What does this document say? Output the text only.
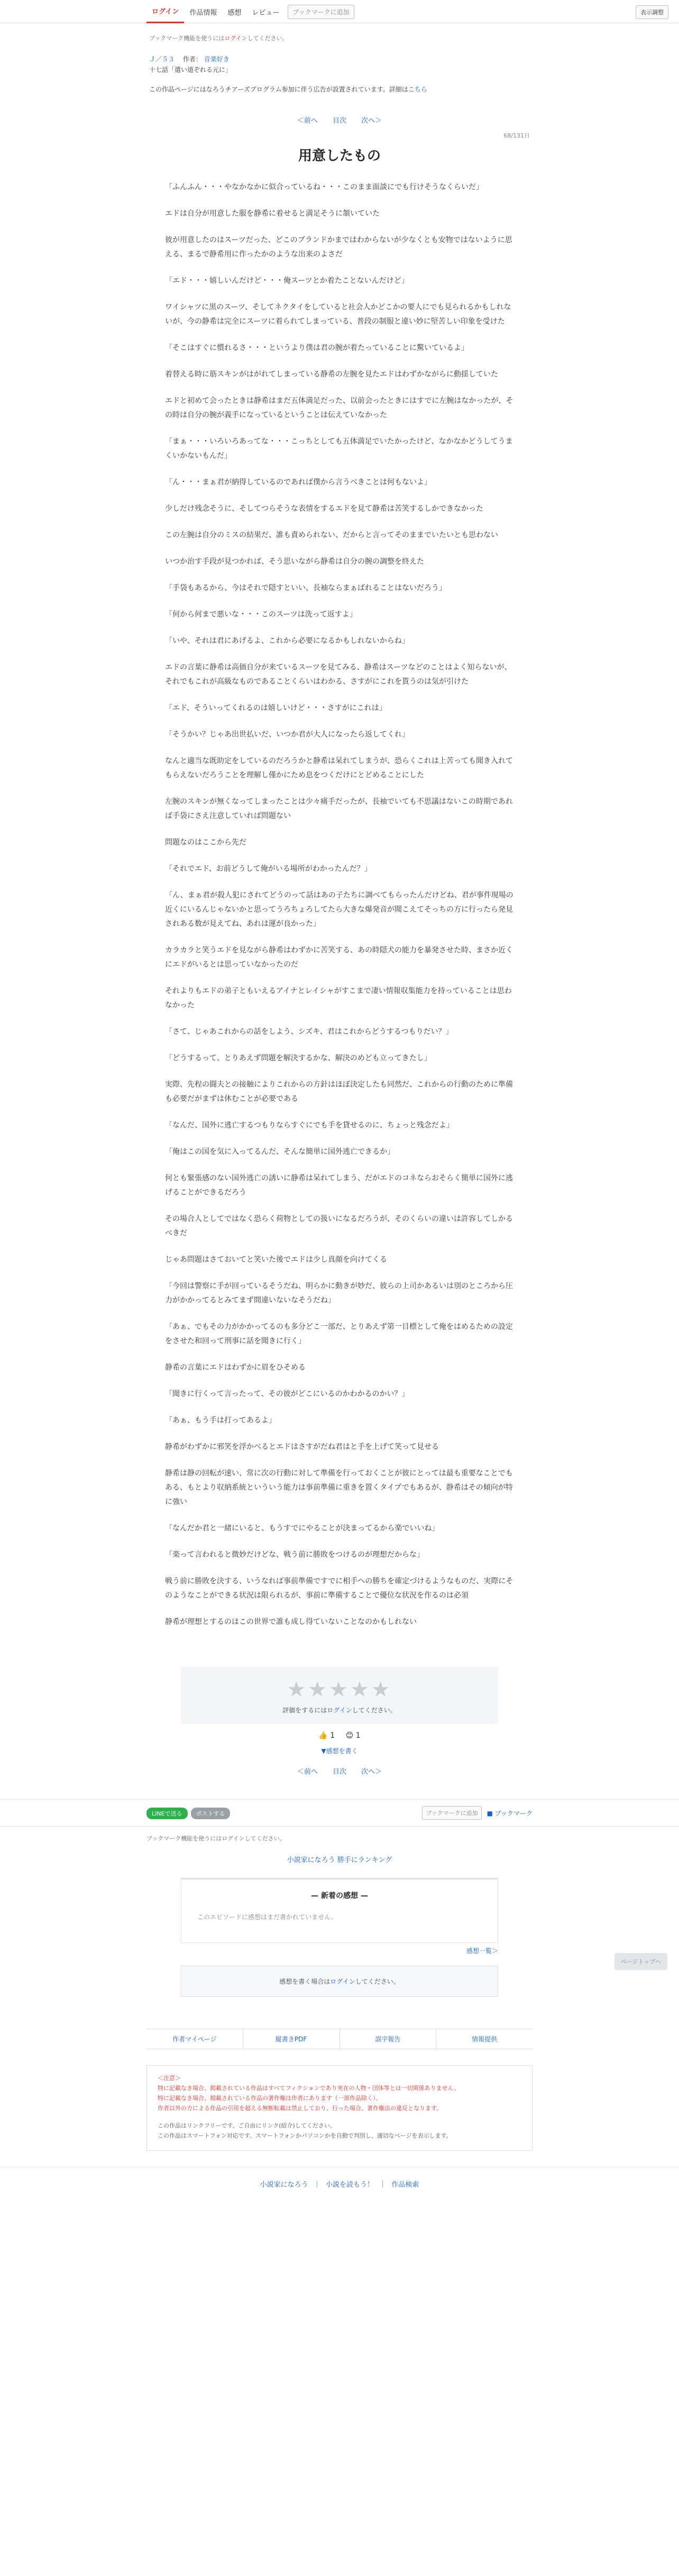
ログイン	作品情報	感想	レビュー	ブックマークに追加	表示調整
ブックマーク機能を使うにはログインしてください。
Ｊ／５３ 作者： 音楽好き
十七話「遣い道ぞれる元に」
この作品ページにはなろうチアーズプログラム参加に伴う広告が設置されています。詳細はこちら
＜前へ 目次 次へ＞
68/131日
用意したもの

「ふんふん・・・やなかなかに似合っているね・・・このまま面談にでも行けそうなくらいだ」

エドは自分が用意した服を静希に着せると満足そうに頷いていた

彼が用意したのはスーツだった、どこのブランドかまではわからないが少なくとも安物ではないように思える、まるで静希用に作ったかのような出来のよさだ

「エド・・・嬉しいんだけど・・・俺スーツとか着たことないんだけど」

ワイシャツに黒のスーツ、そしてネクタイをしていると社会人かどこかの要人にでも見られるかもしれないが、今の静希は完全にスーツに着られてしまっている、普段の制服と違い妙に堅苦しい印象を受けた

「そこはすぐに慣れるさ・・・というより僕は君の腕が着たっていることに驚いているよ」

着替える時に筋スキンがはがれてしまっている静希の左腕を見たエドはわずかながらに動揺していた

エドと初めて会ったときは静希はまだ五体満足だった、以前会ったときにはすでに左腕はなかったが、その時は自分の腕が義手になっているということは伝えていなかった

「まぁ・・・いろいろあってな・・・こっちとしても五体満足でいたかったけど、なかなかどうしてうまくいかないもんだ」

「ん・・・まぁ君が納得しているのであれば僕から言うべきことは何もないよ」

少しだけ残念そうに、そしてつらそうな表情をするエドを見て静希は苦笑するしかできなかった

この左腕は自分のミスの結果だ、誰も責められない、だからと言ってそのままでいたいとも思わない

いつか治す手段が見つかれば、そう思いながら静希は自分の腕の調整を終えた

「手袋もあるから、今はそれで隠すといい、長袖ならまぁばれることはないだろう」

「何から何まで悪いな・・・このスーツは洗って返すよ」

「いや、それは君にあげるよ、これから必要になるかもしれないからね」

エドの言葉に静希は高価自分が来ているスーツを見てみる、静希はスーツなどのことはよく知らないが、それでもこれが高級なものであることくらいはわかる、さすがにこれを貰うのは気が引けた

「エド、そういってくれるのは嬉しいけど・・・さすがにこれは」

「そうかい？じゃあ出世払いだ、いつか君が大人になったら返してくれ」

なんと適当な既助定をしているのだろうかと静希は呆れてしまうが、恐らくこれは上苦っても聞き入れてもらえないだろうことを理解し僅かにため息をつくだけにとどめることにした

左腕のスキンが無くなってしまったことは少々痛手だったが、長袖でいても不思議はないこの時期であれば手袋にさえ注意していれば問題ない

問題なのはここから先だ

「それでエド、お前どうして俺がいる場所がわかったんだ？」

「ん、まぁ君が殺人犯にされてどうのって話はあの子たちに調べてもらったんだけどね、君が事件現場の近くにいるんじゃないかと思ってうろちょろしてたら大きな爆発音が聞こえてそっちの方に行ったら発見されある数が見えてね、あれは運が良かった」

カラカラと笑うエドを見ながら静希はわずかに苦笑する、あの時隠犬の能力を暴発させた時、まさか近くにエドがいるとは思っていなかったのだ

それよりもエドの弟子ともいえるアイナとレイシャがすこまで凄い情報収集能力を持っていることは思わなかった

「さて、じゃあこれからの話をしよう、シズキ、君はこれからどうするつもりだい？」

「どうするって、とりあえず問題を解決するかな、解決のめども立ってきたし」

実際、先程の闘夫との接触によりこれからの方針はほぼ決定したも同然だ、これからの行動のために準備も必要だがまずは休むことが必要である

「なんだ、国外に逃亡するつもりならすぐにでも手を貸せるのに、ちょっと残念だよ」

「俺はこの国を気に入ってるんだ、そんな簡単に国外逃亡できるか」

何とも緊張感のない国外逃亡の誘いに静希は呆れてしまう、だがエドのコネならおそらく簡単に国外に逃げることができるだろう

その場合人としてではなく恐らく荷物としての扱いになるだろうが、そのくらいの違いは許容してしかるべきだ

じゃあ問題はさておいてと笑いた後でエドは少し真顔を向けてくる

「今回は警察に手が回っているそうだね、明らかに動きが妙だ、彼らの上司かあるいは別のところから圧力がかかってるとみてまず間違いないなそうだね」

「あぁ、でもその力がかかってるのも多分どこ一部だ、とりあえず第一目標として俺をはめるための設定をさせた和回って刑事に話を聞きに行く」

静希の言葉にエドはわずかに眉をひそめる

「聞きに行くって言ったって、その彼がどこにいるのかわかるのかい？」

「あぁ、もう手は打ってあるよ」

静希がわずかに邪笑を浮かべるとエドはさすがだね君はと手を上げて笑って見せる

静希は静の回転が速い、常に次の行動に対して準備を行っておくことが彼にとっては最も重要なことでもある、もとより収納系統といういう能力は事前準備に重きを置くタイプでもあるが、静希はその傾向が特に強い

「なんだか君と一緒にいると、もうすでにやることが決まってるから楽でいいね」

「楽って言われると微妙だけどな、戦う前に勝敗をつけるのが理想だからな」

戦う前に勝敗を決する、いうなれば事前準備ですでに相手への勝ちを確定づけるようなものだ、実際にそのようなことができる状況は限られるが、事前に準備することで優位な状況を作るのは必須

静希が理想とするのはこの世界で誰も成し得ていないことなのかもしれない

ページトップへ
★★★★★
評価をするにはログインしてください。
👍 1 😊 1
▼感想を書く
＜前へ 目次 次へ＞
LINEで送る	ポストする	ブックマークに追加	■ ブックマーク
ブックマーク機能を使うにはログインしてください。
小説家になろう 勝手にランキング
— 新着の感想 —
このエピソードに感想はまだ書かれていません。
感想一覧＞
感想を書く場合はログインしてください。
作者マイページ	縦書きPDF	誤字報告	情報提供
＜注意＞
特に記載なき場合、掲載されている作品はすべてフィクションであり実在の人物・団体等とは一切関係ありません。
特に記載なき場合、掲載されている作品の著作権は作者にあります（一部作品除く）。
作者以外の方による作品の引用を超える無断転載は禁止しており、行った場合、著作権法の違反となります。
この作品はリンクフリーです。ご自由にリンク(紹介)してください。
この作品はスマートフォン対応です。スマートフォンかパソコンかを自動で判別し、適切なページを表示します。
小説家になろう ｜ 小説を読もう！ ｜ 作品検索
